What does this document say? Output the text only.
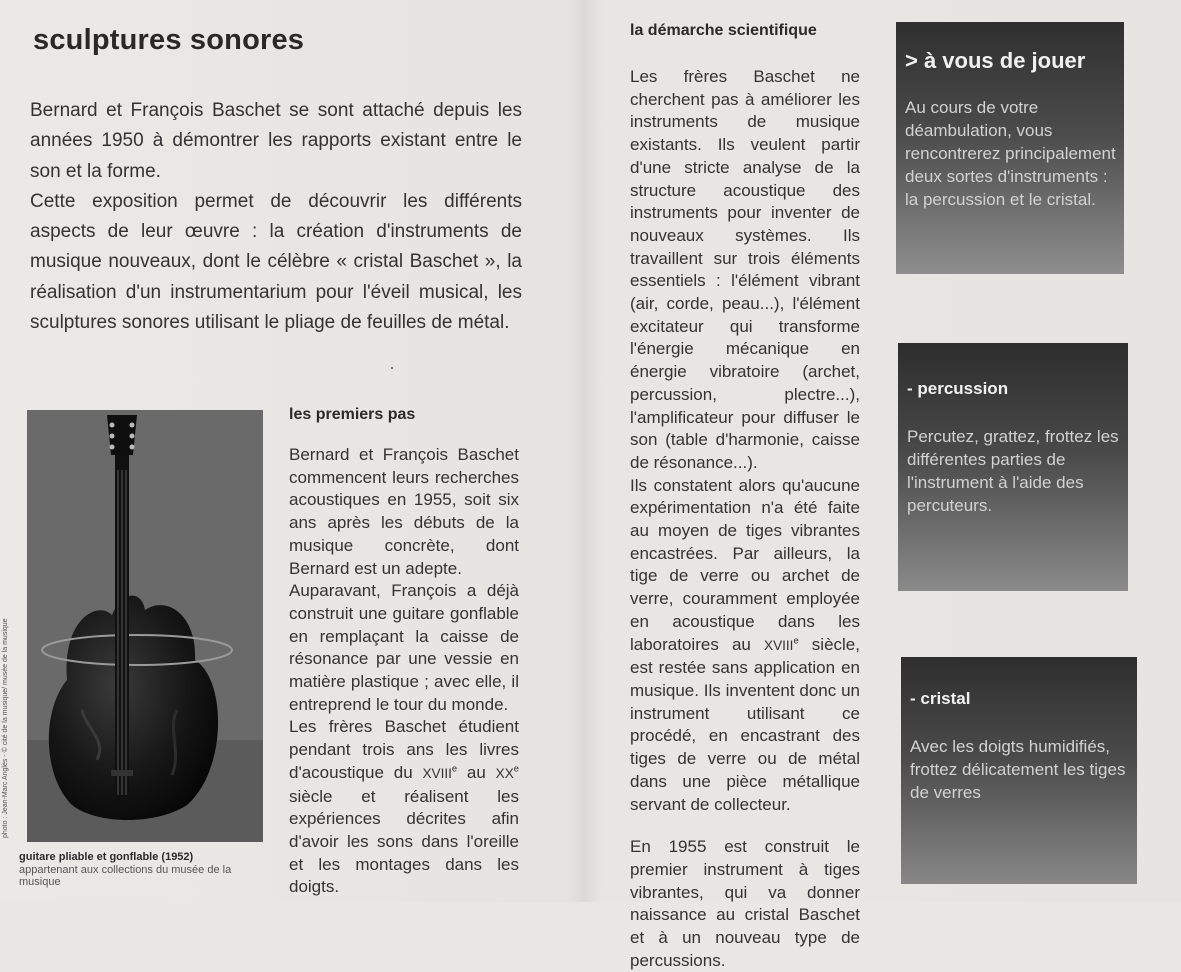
sculptures sonores

Bernard et François Baschet se sont attaché depuis les années 1950 à démontrer les rapports existant entre le son et la forme.

Cette exposition permet de découvrir les différents aspects de leur œuvre : la création d'instruments de musique nouveaux, dont le célèbre « cristal Baschet », la réalisation d'un instrumentarium pour l'éveil musical, les sculptures sonores utilisant le pliage de feuilles de métal.

photo : Jean-Marc Anglès - © cité de la musique/ musée de la musique
guitare pliable et gonflable (1952)
appartenant aux collections du musée de la musique
les premiers pas

Bernard et François Baschet commencent leurs recherches acoustiques en 1955, soit six ans après les débuts de la musique concrète, dont Bernard est un adepte.

Auparavant, François a déjà construit une guitare gonflable en remplaçant la caisse de résonance par une vessie en matière plastique ; avec elle, il entreprend le tour du monde.

Les frères Baschet étudient pendant trois ans les livres d'acoustique du XVIIIe au XXe siècle et réalisent les expériences décrites afin d'avoir les sons dans l'oreille et les montages dans les doigts.

la démarche scientifique

Les frères Baschet ne cherchent pas à améliorer les instruments de musique existants. Ils veulent partir d'une stricte analyse de la structure acoustique des instruments pour inventer de nouveaux systèmes. Ils travaillent sur trois éléments essentiels : l'élément vibrant (air, corde, peau...), l'élément excitateur qui transforme l'énergie mécanique en énergie vibratoire (archet, percussion, plectre...), l'amplificateur pour diffuser le son (table d'harmonie, caisse de résonance...).

Ils constatent alors qu'aucune expérimentation n'a été faite au moyen de tiges vibrantes encastrées. Par ailleurs, la tige de verre ou archet de verre, couramment employée en acoustique dans les laboratoires au XVIIIe siècle, est restée sans application en musique. Ils inventent donc un instrument utilisant ce procédé, en encastrant des tiges de verre ou de métal dans une pièce métallique servant de collecteur.

En 1955 est construit le premier instrument à tiges vibrantes, qui va donner naissance au cristal Baschet et à un nouveau type de percussions.

> à vous de jouer
Au cours de votre déambulation, vous rencontrerez principalement deux sortes d'instruments : la percussion et le cristal.
- percussion
Percutez, grattez, frottez les différentes parties de l'instrument à l'aide des percuteurs.
- cristal
Avec les doigts humidifiés, frottez délicatement les tiges de verres
